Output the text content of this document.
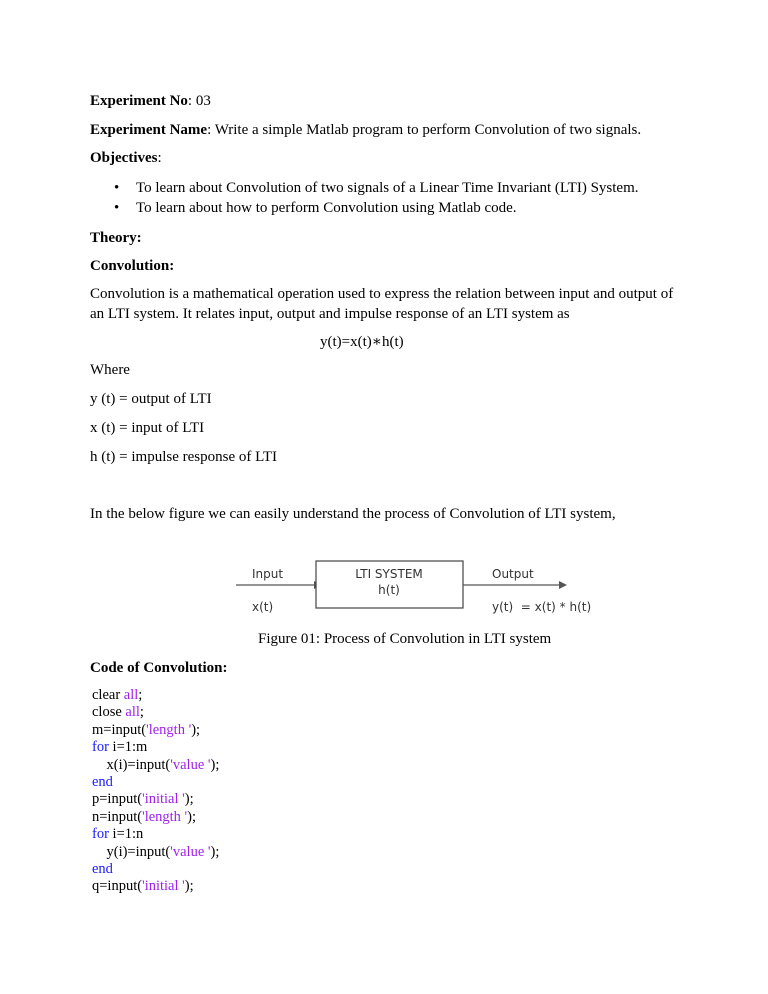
Experiment No: 03
Experiment Name: Write a simple Matlab program to perform Convolution of two signals.
Objectives:
• To learn about Convolution of two signals of a Linear Time Invariant (LTI) System.
• To learn about how to perform Convolution using Matlab code.
Theory:
Convolution:
Convolution is a mathematical operation used to express the relation between input and output of an LTI system. It relates input, output and impulse response of an LTI system as
y(t)=x(t)∗h(t)
Where
y (t) = output of LTI
x (t) = input of LTI
h (t) = impulse response of LTI
In the below figure we can easily understand the process of Convolution of LTI system,
Input
x(t)
LTI SYSTEM
h(t)
Output
y(t)  = x(t) * h(t)
Figure 01: Process of Convolution in LTI system
Code of Convolution:
clear all;
close all;
m=input('length ');
for i=1:m
x(i)=input('value ');
end
p=input('initial ');
n=input('length ');
for i=1:n
y(i)=input('value ');
end
q=input('initial ');
